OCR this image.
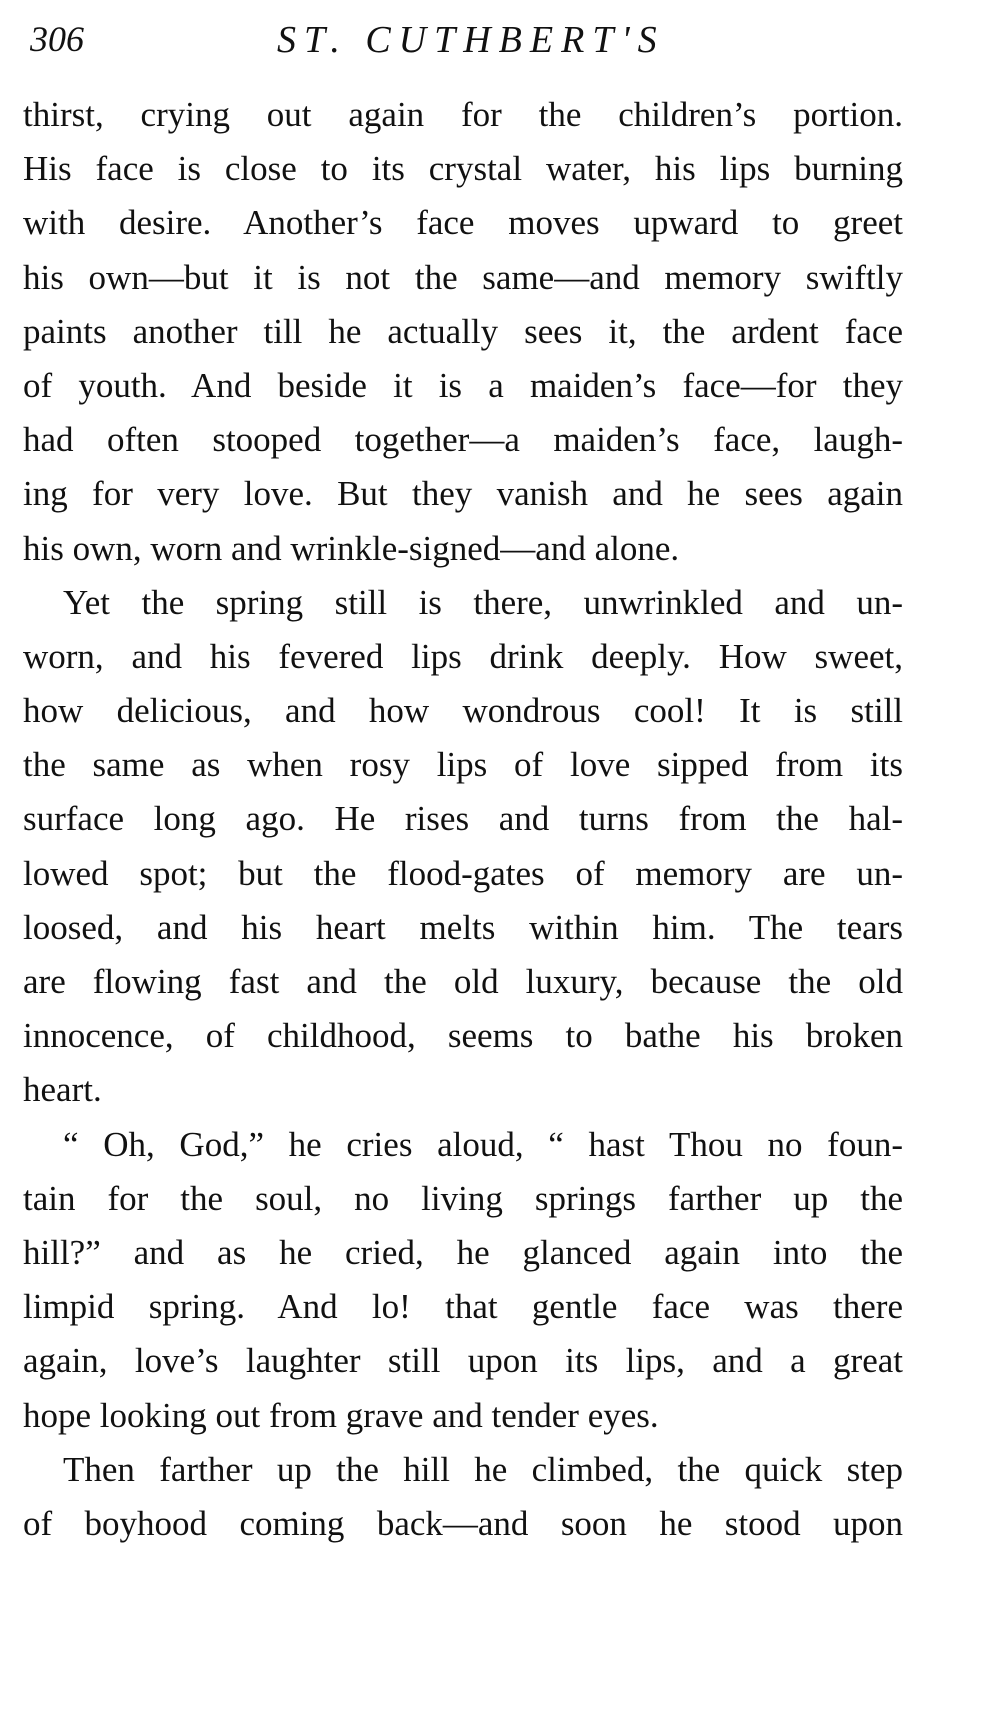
306	ST. CUTHBERT'S
thirst, crying out again for the children’s portion.
His face is close to its crystal water, his lips burning
with desire. Another’s face moves upward to greet
his own—but it is not the same—and memory swiftly
paints another till he actually sees it, the ardent face
of youth. And beside it is a maiden’s face—for they
had often stooped together—a maiden’s face, laugh-
ing for very love. But they vanish and he sees again
his own, worn and wrinkle-signed—and alone.
Yet the spring still is there, unwrinkled and un-
worn, and his fevered lips drink deeply. How sweet,
how delicious, and how wondrous cool! It is still
the same as when rosy lips of love sipped from its
surface long ago. He rises and turns from the hal-
lowed spot; but the flood-gates of memory are un-
loosed, and his heart melts within him. The tears
are flowing fast and the old luxury, because the old
innocence, of childhood, seems to bathe his broken
heart.
“ Oh, God,” he cries aloud, “ hast Thou no foun-
tain for the soul, no living springs farther up the
hill?” and as he cried, he glanced again into the
limpid spring. And lo! that gentle face was there
again, love’s laughter still upon its lips, and a great
hope looking out from grave and tender eyes.
Then farther up the hill he climbed, the quick step
of boyhood coming back—and soon he stood upon
